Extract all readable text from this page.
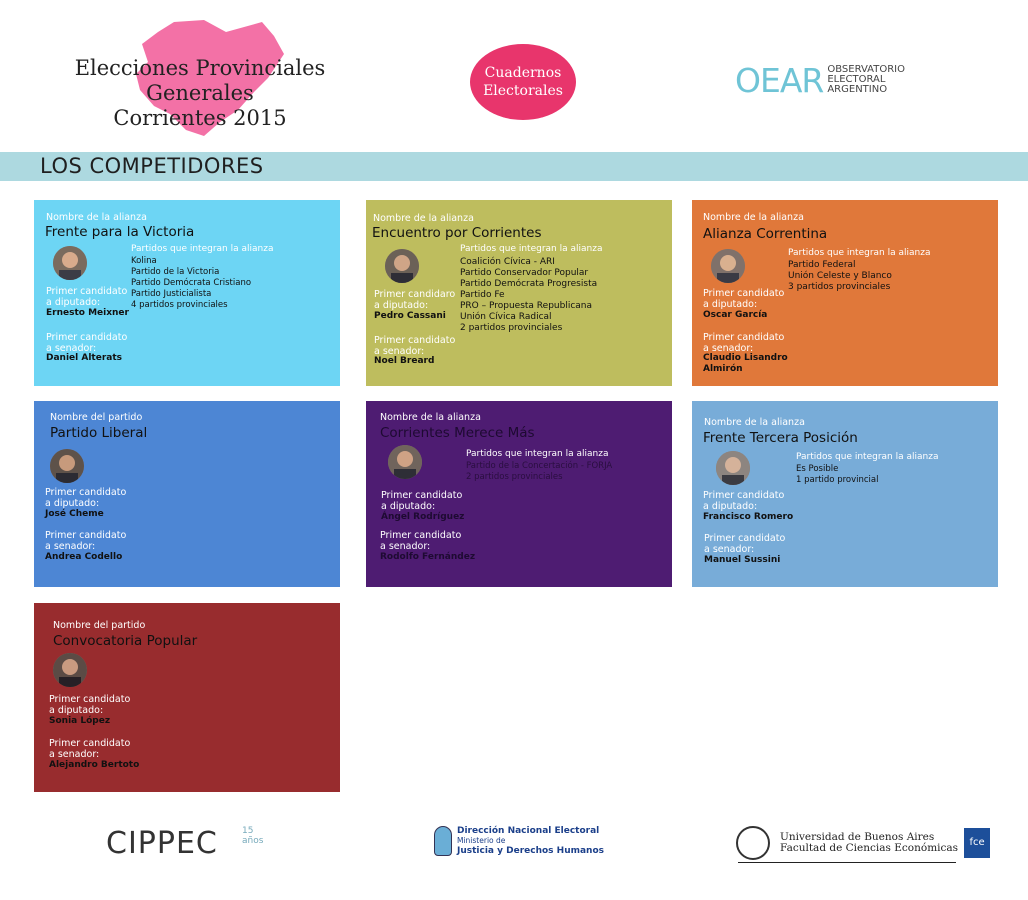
Elecciones Provinciales Generales
Corrientes 2015
Cuadernos
Electorales	OEAR OBSERVATORIO
ELECTORAL
ARGENTINO
LOS COMPETIDORES
Nombre de la alianza
Frente para la Victoria
Partidos que integran la alianza
Kolina
Partido de la Victoria
Partido Demócrata Cristiano
Partido Justicialista
4 partidos provinciales
Primer candidato
a diputado:
Ernesto Meixner
Primer candidato
a senador:
Daniel Alterats
Nombre de la alianza
Encuentro por Corrientes
Partidos que integran la alianza
Coalición Cívica - ARI
Partido Conservador Popular
Partido Demócrata Progresista
Partido Fe
PRO – Propuesta Republicana
Unión Cívica Radical
2 partidos provinciales
Primer candidaro
a diputado:
Pedro Cassani
Primer candidato
a senador:
Noel Breard
Nombre de la alianza
Alianza Correntina
Partidos que integran la alianza
Partido Federal
Unión Celeste y Blanco
3 partidos provinciales
Primer candidato
a diputado:
Oscar García
Primer candidato
a senador:
Claudio Lisandro
Almirón
Nombre del partido
Partido Liberal
Primer candidato
a diputado:
José Cheme
Primer candidato
a senador:
Andrea Codello
Nombre de la alianza
Corrientes Merece Más
Partidos que integran la alianza
Partido de la Concertación - FORJA
2 partidos provinciales
Primer candidato
a diputado:
Ángel Rodríguez
Primer candidato
a senador:
Rodolfo Fernández
Nombre de la alianza
Frente Tercera Posición
Partidos que integran la alianza
Es Posible
1 partido provincial
Primer candidato
a diputado:
Francisco Romero
Primer candidato
a senador:
Manuel Sussini
Nombre del partido
Convocatoria Popular
Primer candidato
a diputado:
Sonia López
Primer candidato
a senador:
Alejandro Bertoto
CIPPEC	15
años
Dirección Nacional Electoral
Ministerio de
Justicia y Derechos Humanos
Universidad de Buenos Aires
Facultad de Ciencias Económicas	fce
